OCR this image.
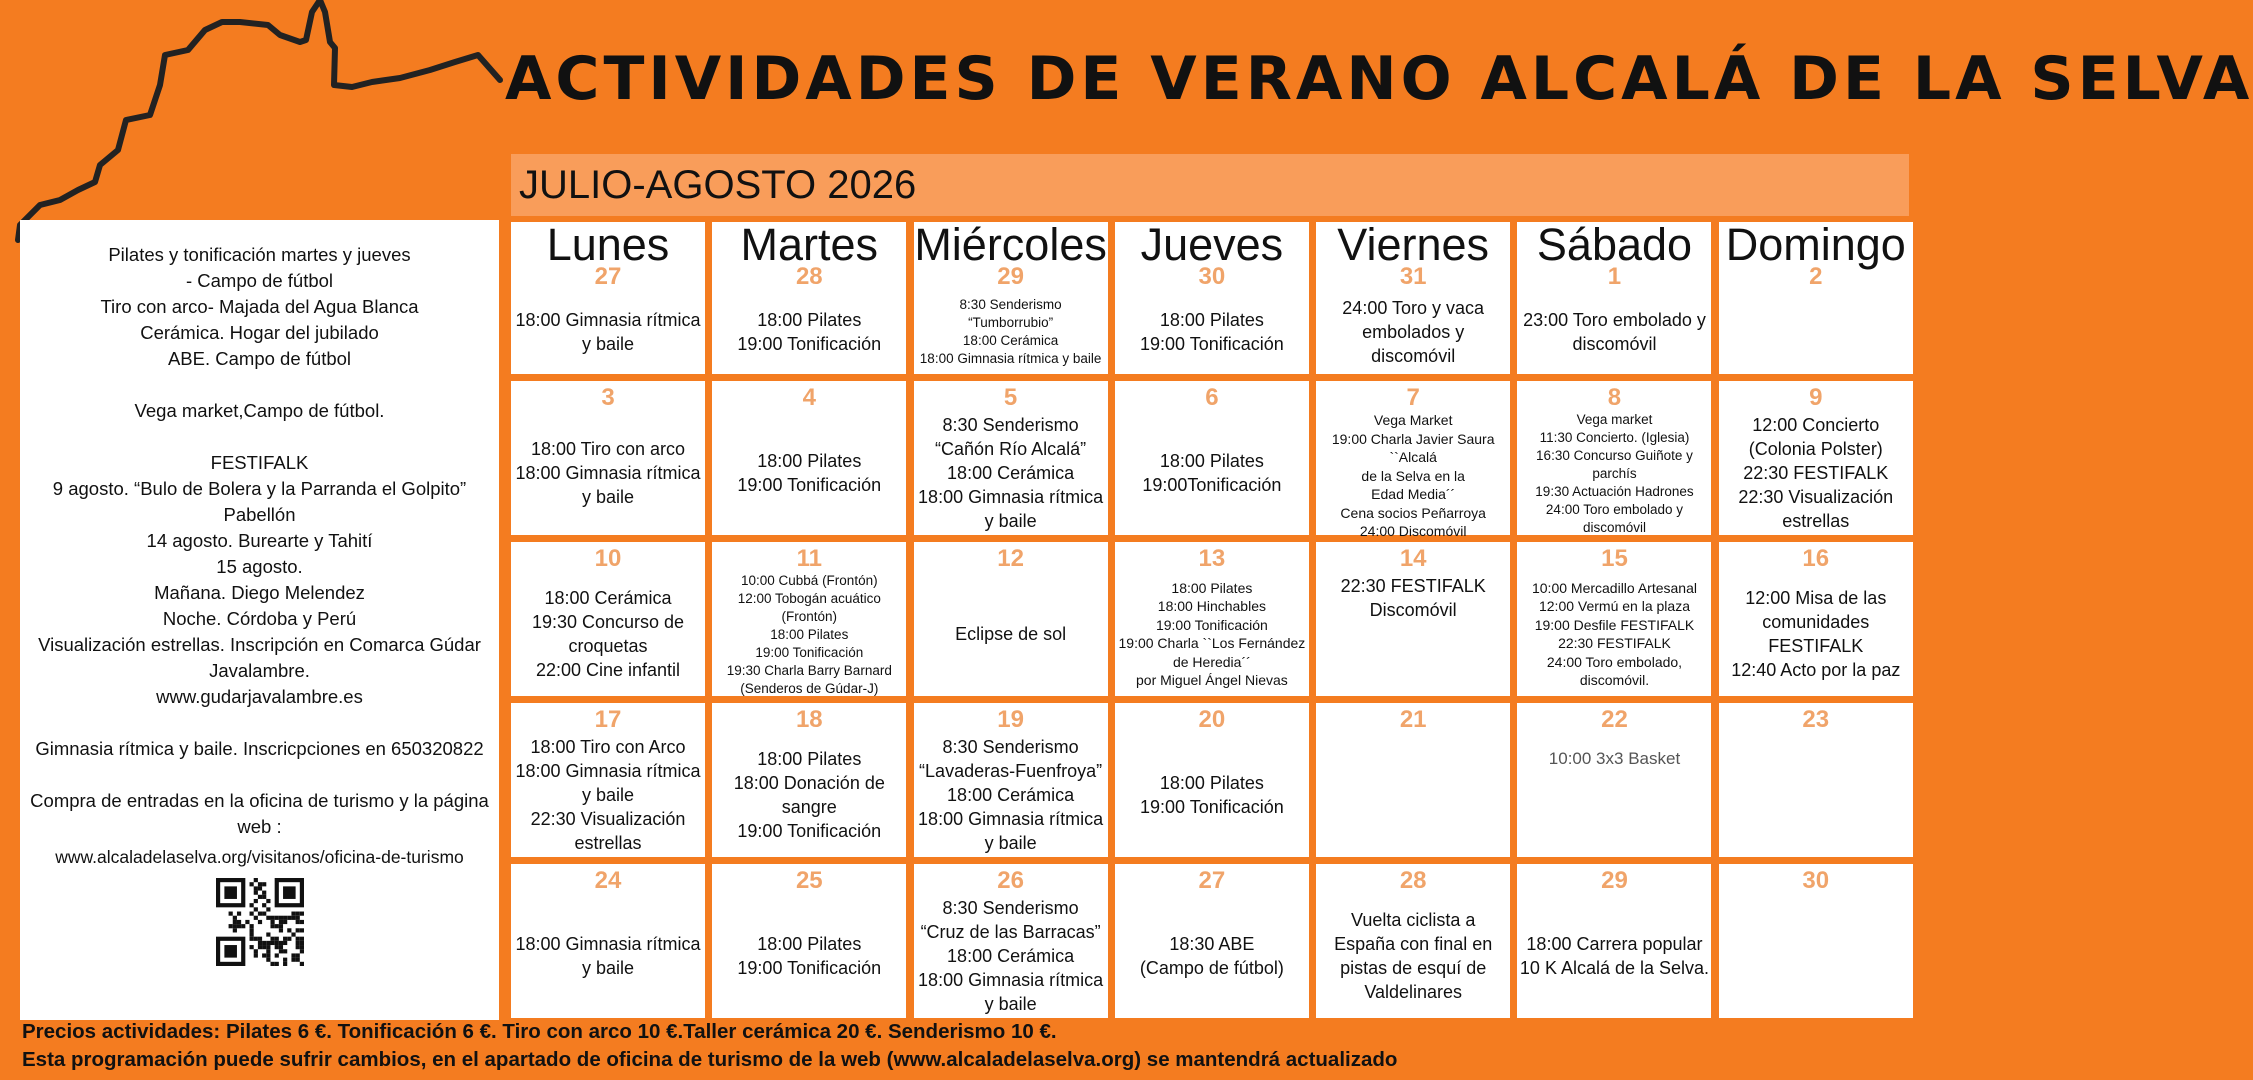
ACTIVIDADES DE VERANO ALCALÁ DE LA SELVA
JULIO-AGOSTO 2026

Pilates y tonificación martes y jueves
- Campo de fútbol
Tiro con arco- Majada del Agua Blanca
Cerámica. Hogar del jubilado
ABE. Campo de fútbol

Vega market,Campo de fútbol.

FESTIFALK
9 agosto. “Bulo de Bolera y la Parranda el Golpito” Pabellón
14 agosto. Burearte y Tahití
15 agosto.
Mañana. Diego Melendez
Noche. Córdoba y Perú
Visualización estrellas. Inscripción en Comarca Gúdar Javalambre.
www.gudarjavalambre.es

Gimnasia rítmica y baile. Inscricpciones en 650320822

Compra de entradas en la oficina de turismo y la página web :

www.alcaladelaselva.org/visitanos/oficina-de-turismo
Lunes
27
18:00 Gimnasia rítmica y baile
Martes
28
18:00 Pilates
19:00 Tonificación
Miércoles
29
8:30 Senderismo
“Tumborrubio”
18:00 Cerámica
18:00 Gimnasia rítmica y baile
Jueves
30
18:00 Pilates
19:00 Tonificación
Viernes
31
24:00 Toro y vaca embolados y discomóvil
Sábado
1
23:00 Toro embolado y discomóvil
Domingo
2
3
18:00 Tiro con arco
18:00 Gimnasia rítmica y baile
4
18:00 Pilates
19:00 Tonificación
5
8:30 Senderismo
“Cañón Río Alcalá”
18:00 Cerámica
18:00 Gimnasia rítmica y baile
6
18:00 Pilates
19:00Tonificación
7
Vega Market
19:00 Charla Javier Saura ``Alcalá
de la Selva en la
Edad Media´´
Cena socios Peñarroya
24:00 Discomóvil
8
Vega market
11:30 Concierto. (Iglesia)
16:30 Concurso Guiñote y parchís
19:30 Actuación Hadrones
24:00 Toro embolado y discomóvil
9
12:00 Concierto
(Colonia Polster)
22:30 FESTIFALK
22:30 Visualización estrellas
10
18:00 Cerámica
19:30 Concurso de croquetas
22:00 Cine infantil
11
10:00 Cubbá (Frontón)
12:00 Tobogán acuático
(Frontón)
18:00 Pilates
19:00 Tonificación
19:30 Charla Barry Barnard
(Senderos de Gúdar-J)
12
Eclipse de sol
13
18:00 Pilates
18:00 Hinchables
19:00 Tonificación
19:00 Charla ``Los Fernández de Heredia´´
por Miguel Ángel Nievas
14
22:30 FESTIFALK
Discomóvil
15
10:00 Mercadillo Artesanal
12:00 Vermú en la plaza
19:00 Desfile FESTIFALK
22:30 FESTIFALK
24:00 Toro embolado, discomóvil.
16
12:00 Misa de las comunidades
FESTIFALK
12:40 Acto por la paz
17
18:00 Tiro con Arco
18:00 Gimnasia rítmica y baile
22:30 Visualización estrellas
18
18:00 Pilates
18:00 Donación de sangre
19:00 Tonificación
19
8:30 Senderismo
“Lavaderas-Fuenfroya”
18:00 Cerámica
18:00 Gimnasia rítmica y baile
20
18:00 Pilates
19:00 Tonificación
21	22
10:00 3x3 Basket
23
24
18:00 Gimnasia rítmica y baile
25
18:00 Pilates
19:00 Tonificación
26
8:30 Senderismo
“Cruz de las Barracas”
18:00 Cerámica
18:00 Gimnasia rítmica y baile
27
18:30 ABE
(Campo de fútbol)
28
Vuelta ciclista a España con final en pistas de esquí de Valdelinares
29
18:00 Carrera popular 10 K Alcalá de la Selva.
30
Precios actividades: Pilates 6 €. Tonificación 6 €. Tiro con arco 10 €.Taller cerámica 20 €. Senderismo 10 €.
Esta programación puede sufrir cambios, en el apartado de oficina de turismo de la web (www.alcaladelaselva.org) se mantendrá actualizado
